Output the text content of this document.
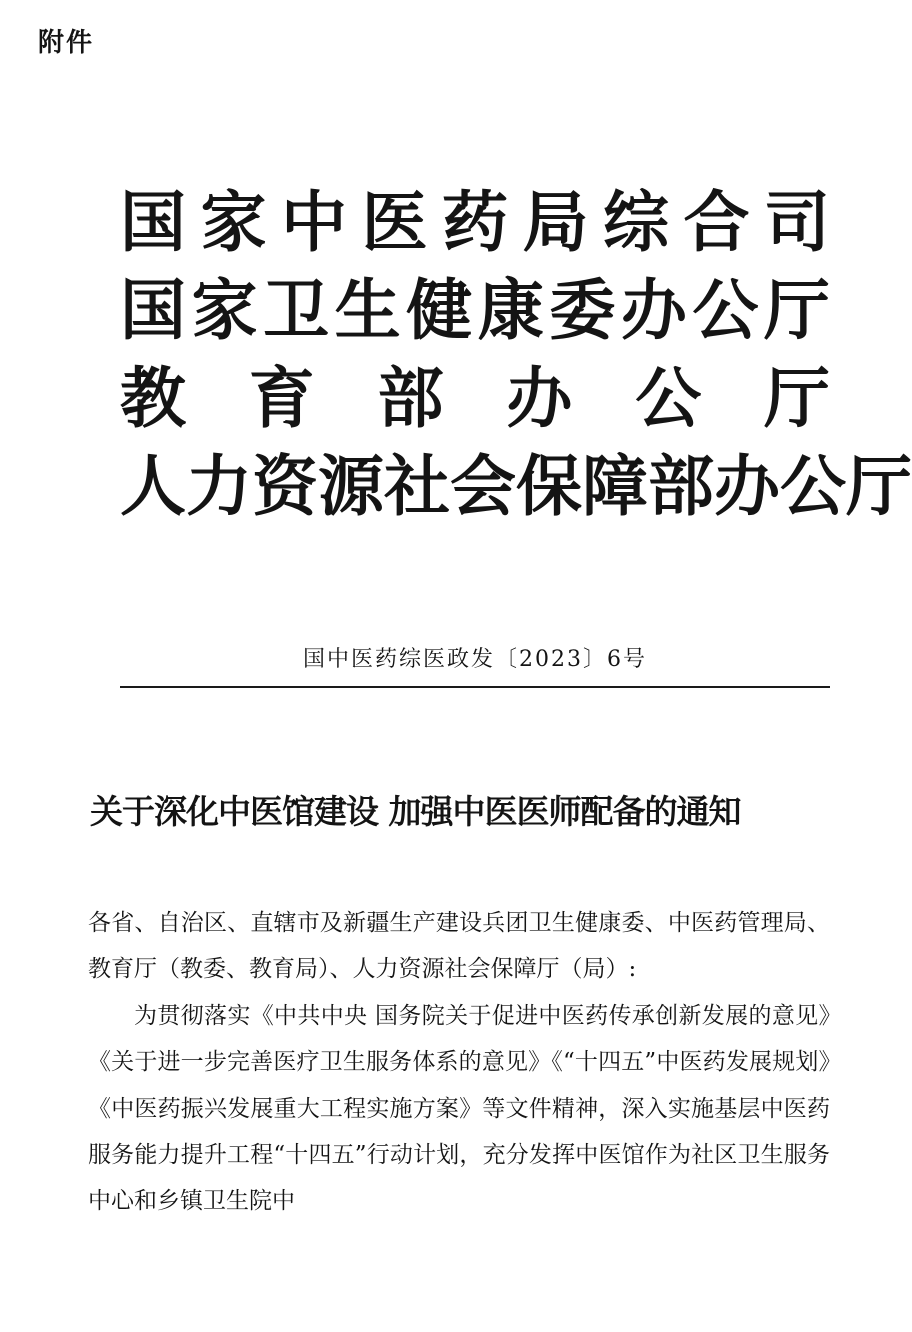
附件
国 家 中 医 药 局 综 合 司
国 家 卫 生 健 康 委 办 公 厅
教 育 部 办 公 厅
人 力 资 源 社 会 保 障 部 办 公 厅
国中医药综医政发〔2023〕6号
关于深化中医馆建设 加强中医医师配备的通知

各省、自治区、直辖市及新疆生产建设兵团卫生健康委、中医药管理局、教育厅（教委、教育局）、人力资源社会保障厅（局）:

为贯彻落实《中共中央 国务院关于促进中医药传承创新发展的意见》《关于进一步完善医疗卫生服务体系的意见》《“十四五”中医药发展规划》《中医药振兴发展重大工程实施方案》等文件精神，深入实施基层中医药服务能力提升工程“十四五”行动计划，充分发挥中医馆作为社区卫生服务中心和乡镇卫生院中
